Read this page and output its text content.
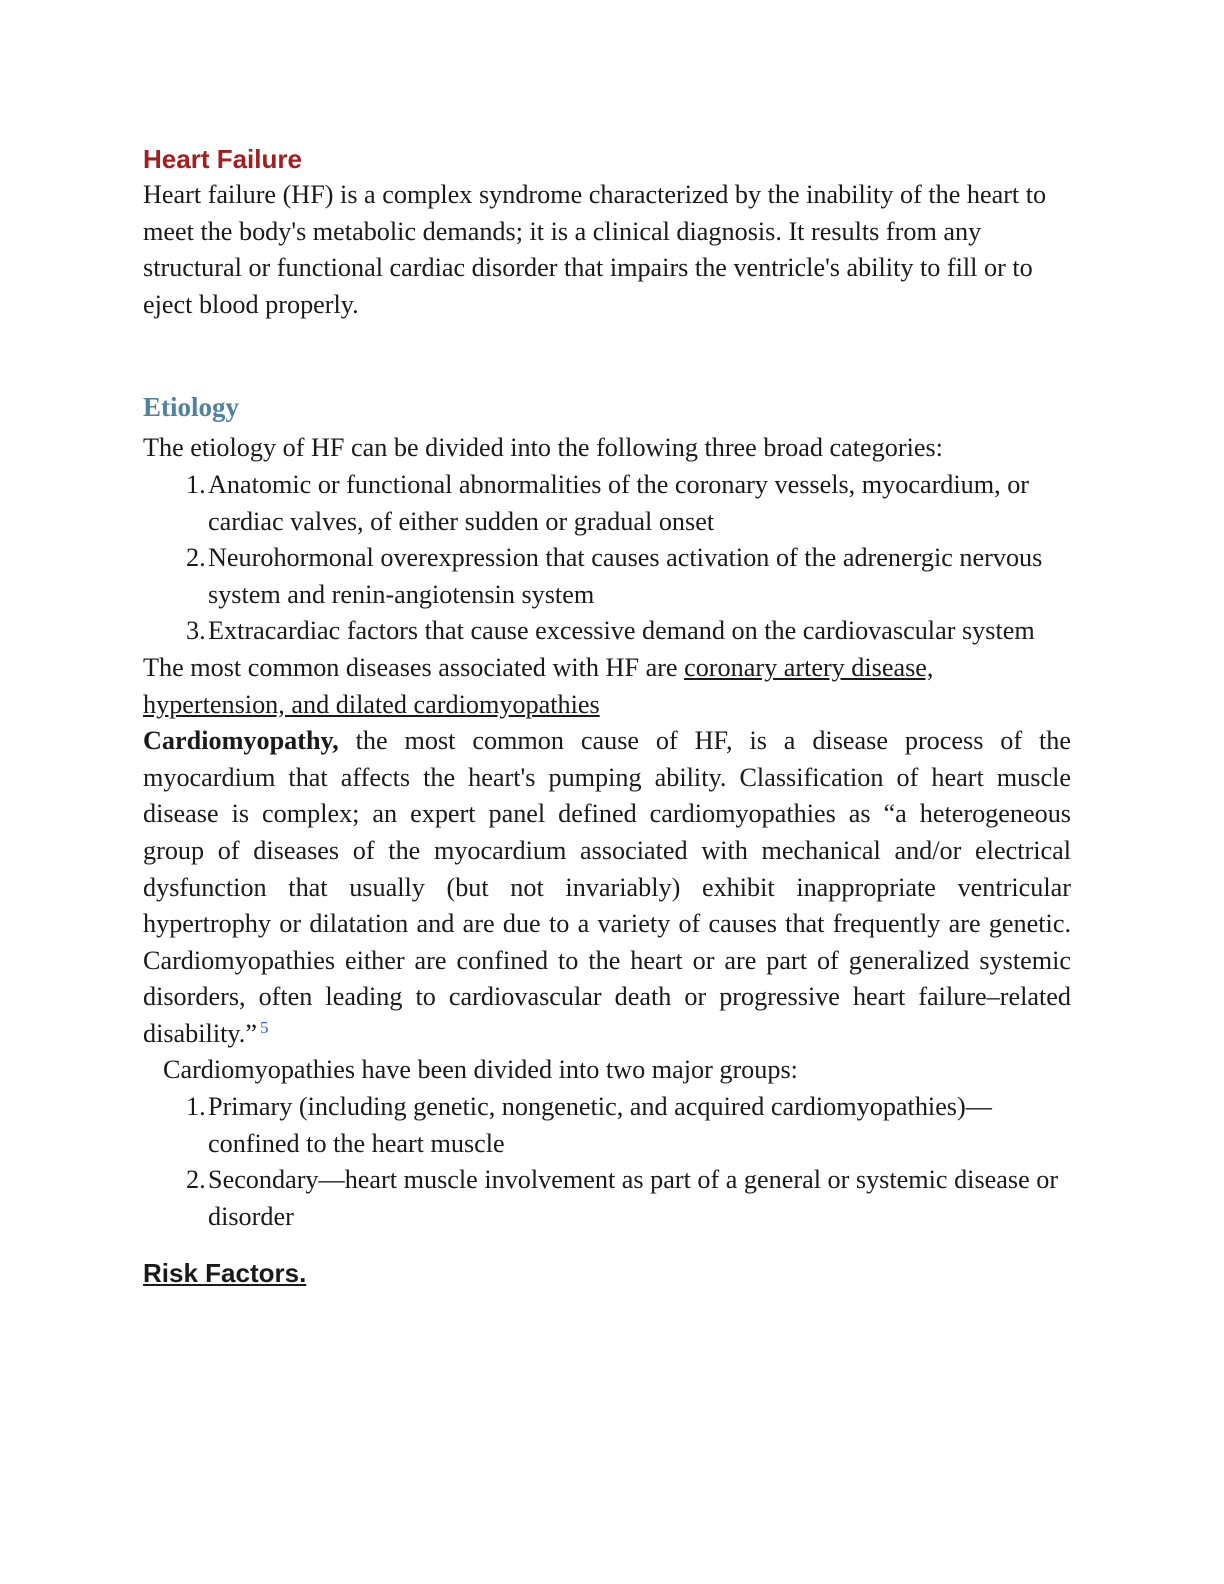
Heart Failure

Heart failure (HF) is a complex syndrome characterized by the inability of the heart to meet the body's metabolic demands; it is a clinical diagnosis. It results from any structural or functional cardiac disorder that impairs the ventricle's ability to fill or to eject blood properly.

Etiology

The etiology of HF can be divided into the following three broad categories:

1. Anatomic or functional abnormalities of the coronary vessels, myocardium, or cardiac valves, of either sudden or gradual onset
2. Neurohormonal overexpression that causes activation of the adrenergic nervous system and renin-angiotensin system
3. Extracardiac factors that cause excessive demand on the cardiovascular system

The most common diseases associated with HF are coronary artery disease, hypertension, and dilated cardiomyopathies

Cardiomyopathy, the most common cause of HF, is a disease process of the myocardium that affects the heart's pumping ability. Classification of heart muscle disease is complex; an expert panel defined cardiomyopathies as “a heterogeneous group of diseases of the myocardium associated with mechanical and/or electrical dysfunction that usually (but not invariably) exhibit inappropriate ventricular hypertrophy or dilatation and are due to a variety of causes that frequently are genetic. Cardiomyopathies either are confined to the heart or are part of generalized systemic disorders, often leading to cardiovascular death or progressive heart failure–related disability.” $^5$

Cardiomyopathies have been divided into two major groups:

1. Primary (including genetic, nongenetic, and acquired cardiomyopathies)—confined to the heart muscle
2. Secondary—heart muscle involvement as part of a general or systemic disease or disorder
Risk Factors.
